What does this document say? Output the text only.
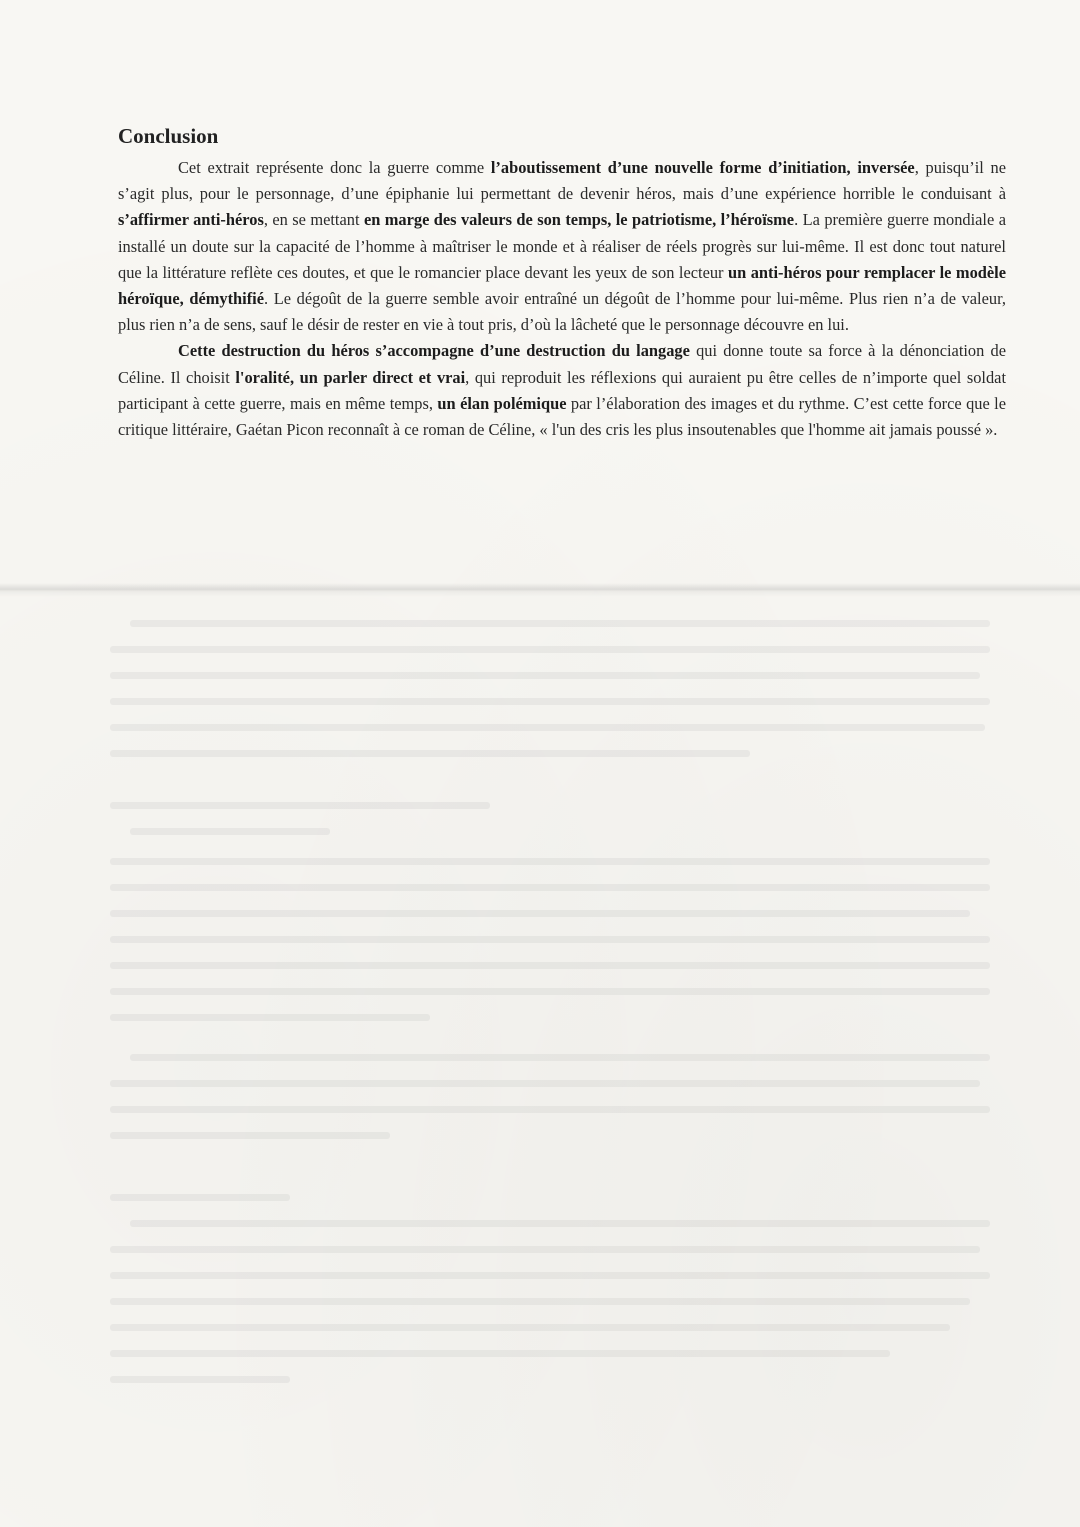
Conclusion

Cet extrait représente donc la guerre comme l’aboutissement d’une nouvelle forme d’initiation, inversée, puisqu’il ne s’agit plus, pour le personnage, d’une épiphanie lui permettant de devenir héros, mais d’une expérience horrible le conduisant à s’affirmer anti-héros, en se mettant en marge des valeurs de son temps, le patriotisme, l’héroïsme. La première guerre mondiale a installé un doute sur la capacité de l’homme à maîtriser le monde et à réaliser de réels progrès sur lui-même. Il est donc tout naturel que la littérature reflète ces doutes, et que le romancier place devant les yeux de son lecteur un anti-héros pour remplacer le modèle héroïque, démythifié. Le dégoût de la guerre semble avoir entraîné un dégoût de l’homme pour lui-même. Plus rien n’a de valeur, plus rien n’a de sens, sauf le désir de rester en vie à tout pris, d’où la lâcheté que le personnage découvre en lui.

Cette destruction du héros s’accompagne d’une destruction du langage qui donne toute sa force à la dénonciation de Céline. Il choisit l'oralité, un parler direct et vrai, qui reproduit les réflexions qui auraient pu être celles de n’importe quel soldat participant à cette guerre, mais en même temps, un élan polémique par l’élaboration des images et du rythme. C’est cette force que le critique littéraire, Gaétan Picon reconnaît à ce roman de Céline, « l'un des cris les plus insoutenables que l'homme ait jamais poussé ».
